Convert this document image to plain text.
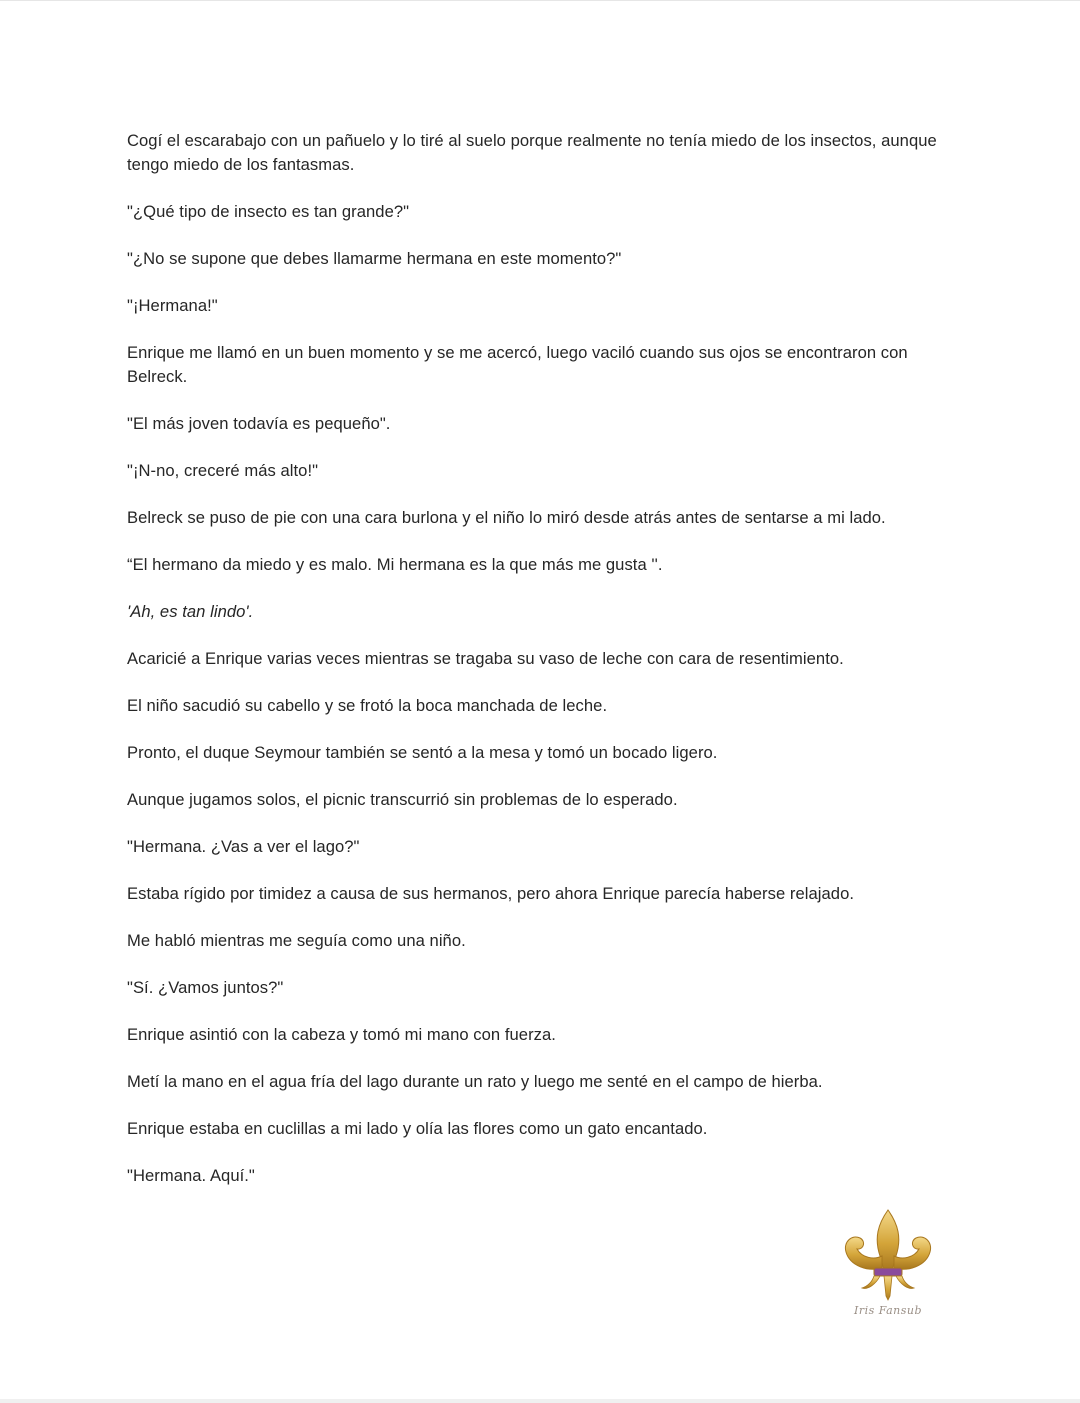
Cogí el escarabajo con un pañuelo y lo tiré al suelo porque realmente no tenía miedo de los insectos, aunque tengo miedo de los fantasmas.

"¿Qué tipo de insecto es tan grande?"

"¿No se supone que debes llamarme hermana en este momento?"

"¡Hermana!"

Enrique me llamó en un buen momento y se me acercó, luego vaciló cuando sus ojos se encontraron con Belreck.

"El más joven todavía es pequeño".

"¡N-no, creceré más alto!"

Belreck se puso de pie con una cara burlona y el niño lo miró desde atrás antes de sentarse a mi lado.

“El hermano da miedo y es malo. Mi hermana es la que más me gusta ''.

'Ah, es tan lindo'.

Acaricié a Enrique varias veces mientras se tragaba su vaso de leche con cara de resentimiento.

El niño sacudió su cabello y se frotó la boca manchada de leche.

Pronto, el duque Seymour también se sentó a la mesa y tomó un bocado ligero.

Aunque jugamos solos, el picnic transcurrió sin problemas de lo esperado.

"Hermana. ¿Vas a ver el lago?"

Estaba rígido por timidez a causa de sus hermanos, pero ahora Enrique parecía haberse relajado.

Me habló mientras me seguía como una niño.

"Sí. ¿Vamos juntos?"

Enrique asintió con la cabeza y tomó mi mano con fuerza.

Metí la mano en el agua fría del lago durante un rato y luego me senté en el campo de hierba.

Enrique estaba en cuclillas a mi lado y olía las flores como un gato encantado.

"Hermana. Aquí."

Iris Fansub
